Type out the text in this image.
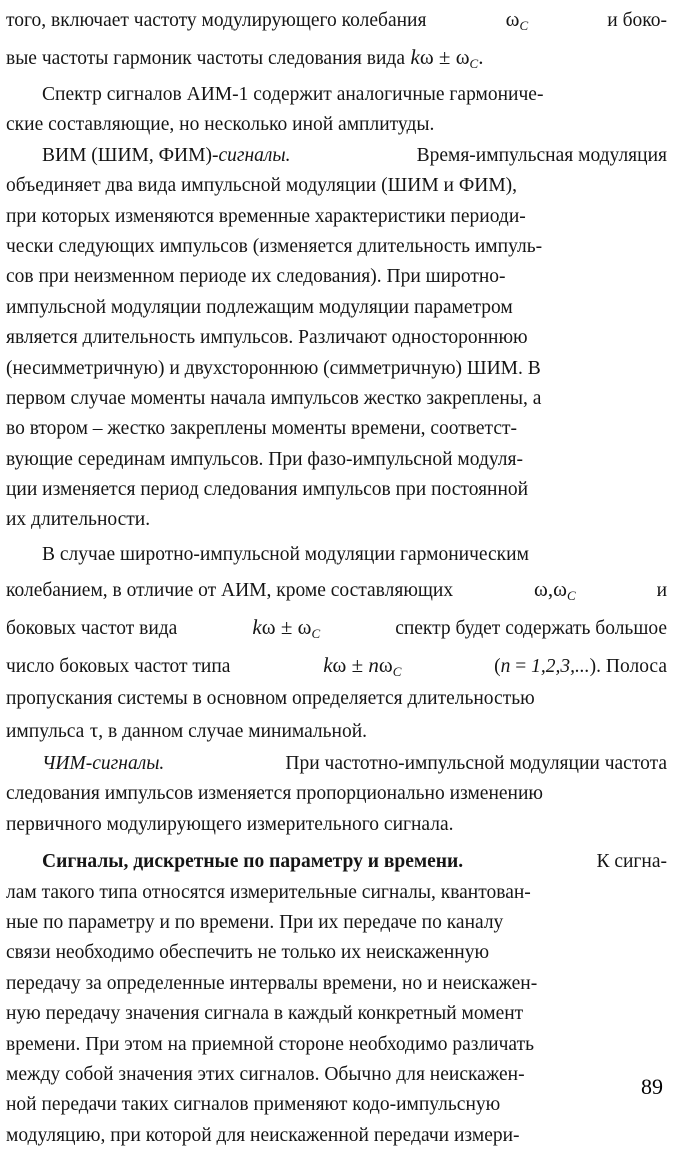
того, включает частоту модулирующего колебания	$\omega_C$	и боко-
вые частоты гармоник частоты следования вида $k\omega \pm \omega_C$.
Спектр сигналов АИМ-1 содержит аналогичные гармониче-
ские составляющие, но несколько иной амплитуды.
ВИМ (ШИМ, ФИМ)-сигналы.	Время-импульсная модуляция
объединяет два вида импульсной модуляции (ШИМ и ФИМ),
при которых изменяются временные характеристики периоди-
чески следующих импульсов (изменяется длительность импуль-
сов при неизменном периоде их следования). При широтно-
импульсной модуляции подлежащим модуляции параметром
является длительность импульсов. Различают одностороннюю
(несимметричную) и двухстороннюю (симметричную) ШИМ. В
первом случае моменты начала импульсов жестко закреплены, а
во втором – жестко закреплены моменты времени, соответст-
вующие серединам импульсов. При фазо-импульсной модуля-
ции изменяется период следования импульсов при постоянной
их длительности.
В случае широтно-импульсной модуляции гармоническим
колебанием, в отличие от АИМ, кроме составляющих	$\omega,\omega_C$	и
боковых частот вида	$k\omega \pm \omega_C$	спектр будет содержать большое
число боковых частот типа	$k\omega \pm n\omega_C$	(n = 1,2,3,...). Полоса
пропускания системы в основном определяется длительностью
импульса τ , в данном случае минимальной.
ЧИМ-сигналы.	При частотно-импульсной модуляции частота
следования импульсов изменяется пропорционально изменению
первичного модулирующего измерительного сигнала.
Сигналы, дискретные по параметру и времени.	К сигна-
лам такого типа относятся измерительные сигналы, квантован-
ные по параметру и по времени. При их передаче по каналу
связи необходимо обеспечить не только их неискаженную
передачу за определенные интервалы времени, но и неискажен-
ную передачу значения сигнала в каждый конкретный момент
времени. При этом на приемной стороне необходимо различать
между собой значения этих сигналов. Обычно для неискажен-
ной передачи таких сигналов применяют кодо-импульсную
модуляцию, при которой для неискаженной передачи измери-
89
